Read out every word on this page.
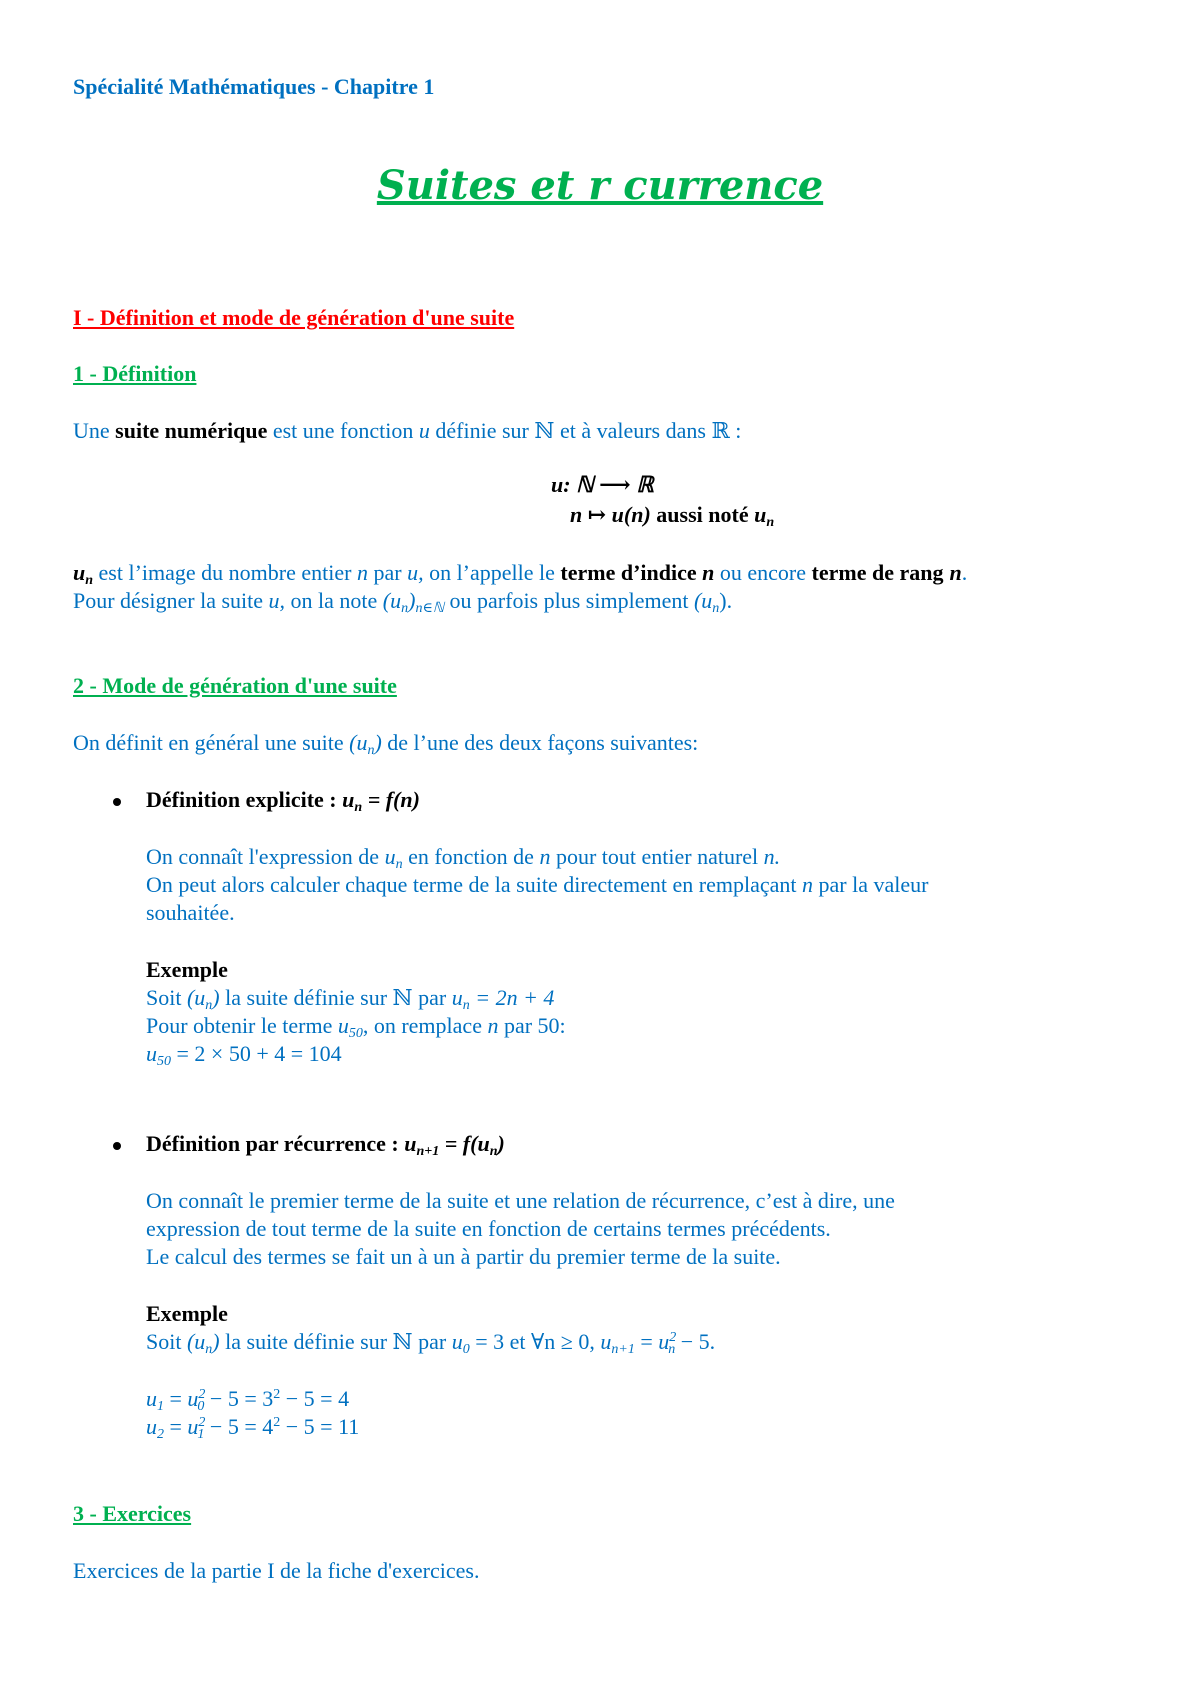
Spécialité Mathématiques - Chapitre 1
Suites et r currence
I - Définition et mode de génération d'une suite
1 - Définition
Une suite numérique est une fonction u définie sur ℕ et à valeurs dans ℝ :
u: ℕ ⟶ ℝ
n ↦ u(n) aussi noté $u_n$
$u_n$ est l’image du nombre entier n par u, on l’appelle le terme d’indice n ou encore terme de rang n.
Pour désigner la suite u, on la note $(u_n)_{n\in ℕ}$ ou parfois plus simplement $(u_n)$.
2 - Mode de génération d'une suite
On définit en général une suite $(u_n)$ de l’une des deux façons suivantes:
Définition explicite : $u_n = f(n)$
On connaît l'expression de $u_n$ en fonction de n pour tout entier naturel n.
On peut alors calculer chaque terme de la suite directement en remplaçant n par la valeur
souhaitée.
Exemple
Soit $(u_n)$ la suite définie sur ℕ par $u_n = 2n + 4$
Pour obtenir le terme $u_{50}$, on remplace n par 50:
$u_{50} = 2 \times 50 + 4 = 104$
Définition par récurrence : $u_{n+1} = f(u_n)$
On connaît le premier terme de la suite et une relation de récurrence, c’est à dire, une
expression de tout terme de la suite en fonction de certains termes précédents.
Le calcul des termes se fait un à un à partir du premier terme de la suite.
Exemple
Soit $(u_n)$ la suite définie sur ℕ par $u_0 = 3$ et ∀n ≥ 0, $u_{n+1} = u^2_n - 5$.
$u_1 = u^2_0 - 5 = 3^2 - 5 = 4$
$u_2 = u^2_1 - 5 = 4^2 - 5 = 11$
3 - Exercices
Exercices de la partie I de la fiche d'exercices.
